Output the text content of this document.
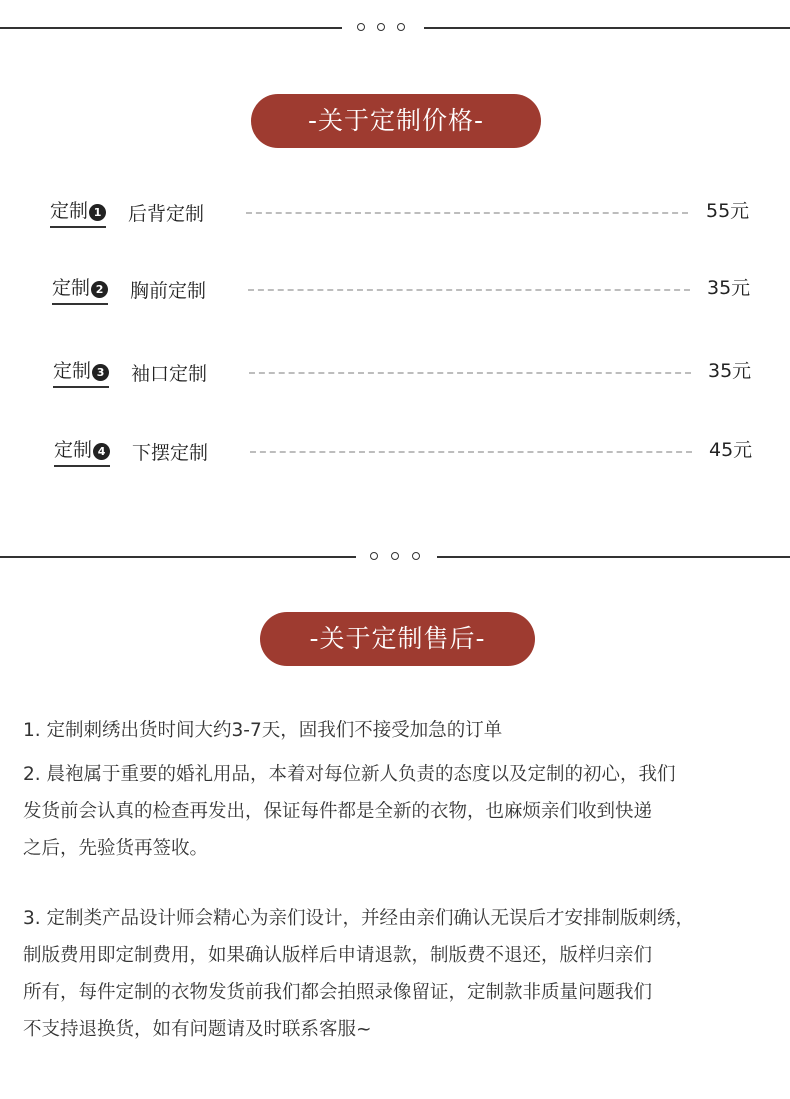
-关于定制价格-
定制 1 后背定制	55元
定制 2 胸前定制	35元
定制 3 袖口定制	35元
定制 4 下摆定制	45元
-关于定制售后-

1. 定制刺绣出货时间大约3-7天，固我们不接受加急的订单

2. 晨袍属于重要的婚礼用品，本着对每位新人负责的态度以及定制的初心，我们
发货前会认真的检查再发出，保证每件都是全新的衣物，也麻烦亲们收到快递
之后，先验货再签收。

3. 定制类产品设计师会精心为亲们设计，并经由亲们确认无误后才安排制版刺绣，
制版费用即定制费用，如果确认版样后申请退款，制版费不退还，版样归亲们
所有，每件定制的衣物发货前我们都会拍照录像留证，定制款非质量问题我们
不支持退换货，如有问题请及时联系客服~
